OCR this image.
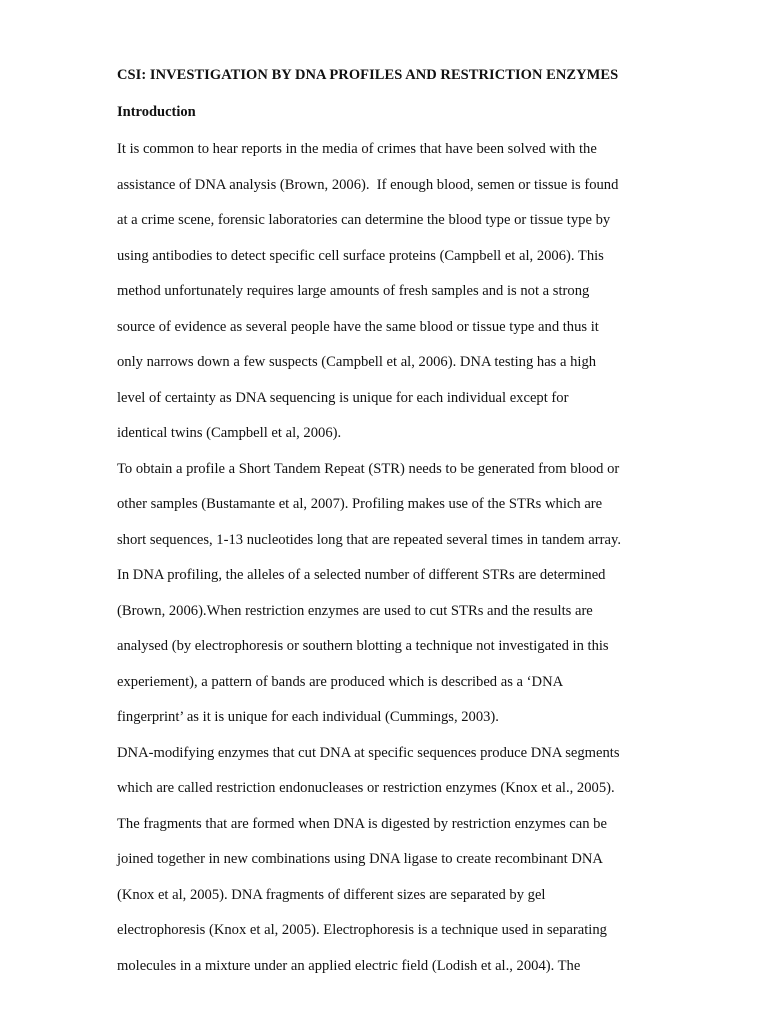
CSI: INVESTIGATION BY DNA PROFILES AND RESTRICTION ENZYMES
Introduction
It is common to hear reports in the media of crimes that have been solved with the
assistance of DNA analysis (Brown, 2006).  If enough blood, semen or tissue is found
at a crime scene, forensic laboratories can determine the blood type or tissue type by
using antibodies to detect specific cell surface proteins (Campbell et al, 2006). This
method unfortunately requires large amounts of fresh samples and is not a strong
source of evidence as several people have the same blood or tissue type and thus it
only narrows down a few suspects (Campbell et al, 2006). DNA testing has a high
level of certainty as DNA sequencing is unique for each individual except for
identical twins (Campbell et al, 2006).
To obtain a profile a Short Tandem Repeat (STR) needs to be generated from blood or
other samples (Bustamante et al, 2007). Profiling makes use of the STRs which are
short sequences, 1-13 nucleotides long that are repeated several times in tandem array.
In DNA profiling, the alleles of a selected number of different STRs are determined
(Brown, 2006).When restriction enzymes are used to cut STRs and the results are
analysed (by electrophoresis or southern blotting a technique not investigated in this
experiement), a pattern of bands are produced which is described as a ‘DNA
fingerprint’ as it is unique for each individual (Cummings, 2003).
DNA-modifying enzymes that cut DNA at specific sequences produce DNA segments
which are called restriction endonucleases or restriction enzymes (Knox et al., 2005).
The fragments that are formed when DNA is digested by restriction enzymes can be
joined together in new combinations using DNA ligase to create recombinant DNA
(Knox et al, 2005). DNA fragments of different sizes are separated by gel
electrophoresis (Knox et al, 2005). Electrophoresis is a technique used in separating
molecules in a mixture under an applied electric field (Lodish et al., 2004). The
